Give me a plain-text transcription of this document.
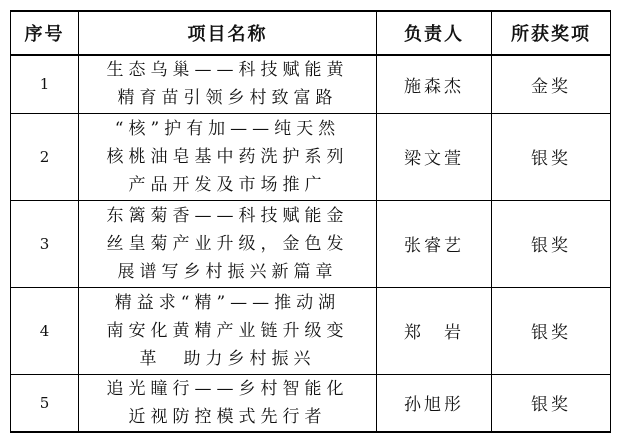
序号	项目名称	负责人	所获奖项
1	生态乌巢——科技赋能黄
精育苗引领乡村致富路	施森杰	金奖
2	“核”护有加——纯天然
核桃油皂基中药洗护系列
产品开发及市场推广	梁文萱	银奖
3	东篱菊香——科技赋能金
丝皇菊产业升级，金色发
展谱写乡村振兴新篇章	张睿艺	银奖
4	精益求“精”——推动湖
南安化黄精产业链升级变
革　助力乡村振兴	郑　岩	银奖
5	追光瞳行——乡村智能化
近视防控模式先行者	孙旭彤	银奖
